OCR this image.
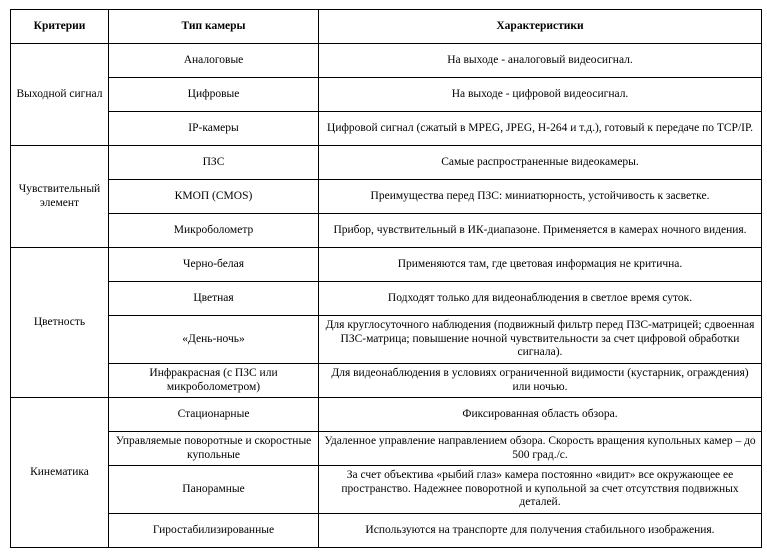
Критерии	Тип камеры	Характеристики
Выходной сигнал	Аналоговые	На выходе - аналоговый видеосигнал.
	Цифровые	На выходе - цифровой видеосигнал.
	IP-камеры	Цифровой сигнал (сжатый в MPEG, JPEG, H-264 и т.д.), готовый к передаче по TCP/IP.
Чувствительный элемент	ПЗС	Самые распространенные видеокамеры.
	КМОП (CMOS)	Преимущества перед ПЗС: миниатюрность, устойчивость к засветке.
	Микроболометр	Прибор, чувствительный в ИК-диапазоне. Применяется в камерах ночного видения.
Цветность	Черно-белая	Применяются там, где цветовая информация не критична.
	Цветная	Подходят только для видеонаблюдения в светлое время суток.
	«День-ночь»	Для круглосуточного наблюдения (подвижный фильтр перед ПЗС-матрицей; сдвоенная ПЗС-матрица; повышение ночной чувствительности за счет цифровой обработки сигнала).
	Инфракрасная (с ПЗС или микроболометром)	Для видеонаблюдения в условиях ограниченной видимости (кустарник, ограждения) или ночью.
Кинематика	Стационарные	Фиксированная область обзора.
	Управляемые поворотные и скоростные купольные	Удаленное управление направлением обзора. Скорость вращения купольных камер – до 500 град./с.
	Панорамные	За счет объектива «рыбий глаз» камера постоянно «видит» все окружающее ее пространство. Надежнее поворотной и купольной за счет отсутствия подвижных деталей.
	Гиростабилизированные	Используются на транспорте для получения стабильного изображения.
